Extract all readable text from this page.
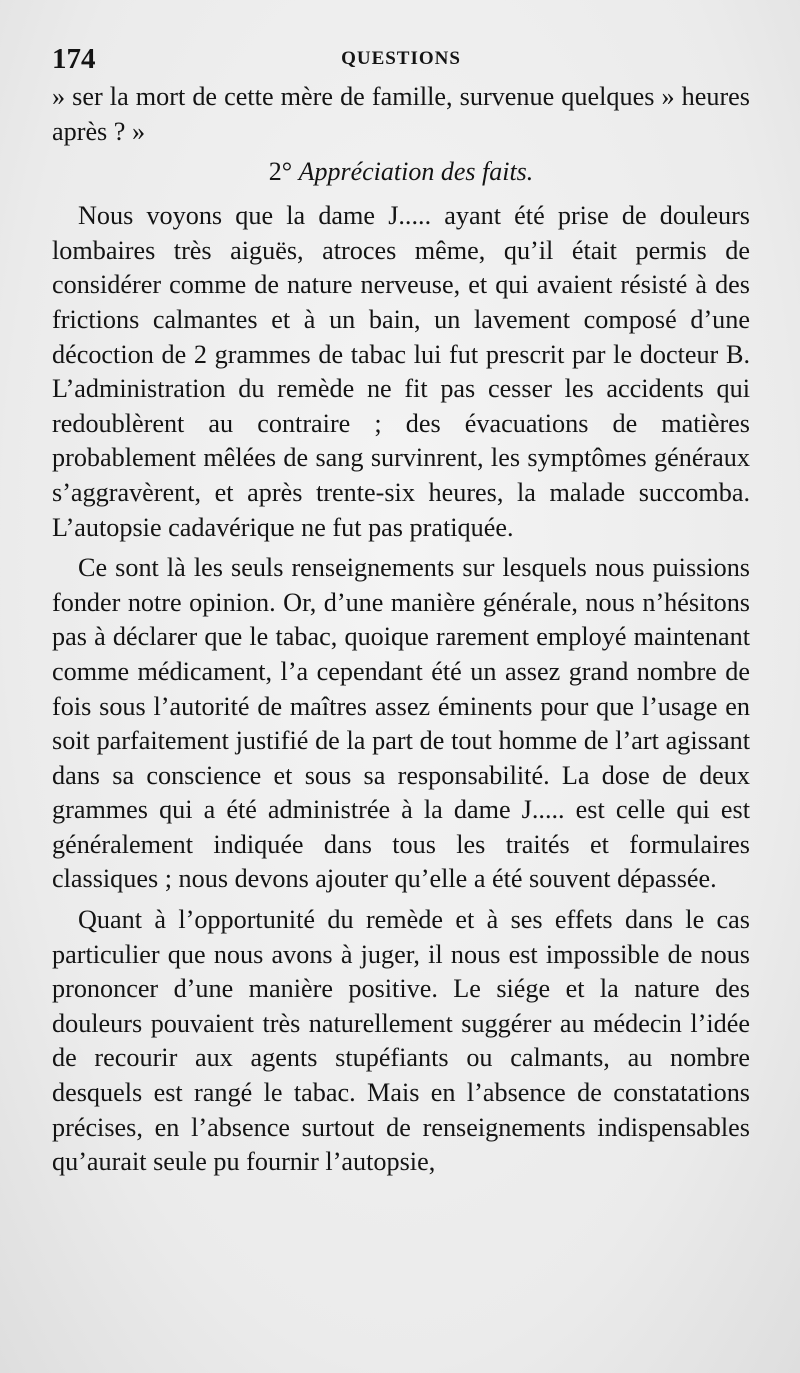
174	QUESTIONS

» ser la mort de cette mère de famille, survenue quelques » heures après ? »

2° Appréciation des faits.

Nous voyons que la dame J..... ayant été prise de douleurs lombaires très aiguës, atroces même, qu’il était permis de considérer comme de nature nerveuse, et qui avaient résisté à des frictions calmantes et à un bain, un lavement composé d’une décoction de 2 grammes de tabac lui fut prescrit par le docteur B. L’administration du remède ne fit pas cesser les accidents qui redoublèrent au contraire ; des évacuations de matières probablement mêlées de sang survinrent, les symptômes généraux s’aggravèrent, et après trente-six heures, la malade succomba. L’autopsie cadavérique ne fut pas pratiquée.

Ce sont là les seuls renseignements sur lesquels nous puissions fonder notre opinion. Or, d’une manière générale, nous n’hésitons pas à déclarer que le tabac, quoique rarement employé maintenant comme médicament, l’a cependant été un assez grand nombre de fois sous l’autorité de maîtres assez éminents pour que l’usage en soit parfaitement justifié de la part de tout homme de l’art agissant dans sa conscience et sous sa responsabilité. La dose de deux grammes qui a été administrée à la dame J..... est celle qui est généralement indiquée dans tous les traités et formulaires classiques ; nous devons ajouter qu’elle a été souvent dépassée.

Quant à l’opportunité du remède et à ses effets dans le cas particulier que nous avons à juger, il nous est impossible de nous prononcer d’une manière positive. Le siége et la nature des douleurs pouvaient très naturellement suggérer au médecin l’idée de recourir aux agents stupéfiants ou calmants, au nombre desquels est rangé le tabac. Mais en l’absence de constatations précises, en l’absence surtout de renseignements indispensables qu’aurait seule pu fournir l’autopsie,
